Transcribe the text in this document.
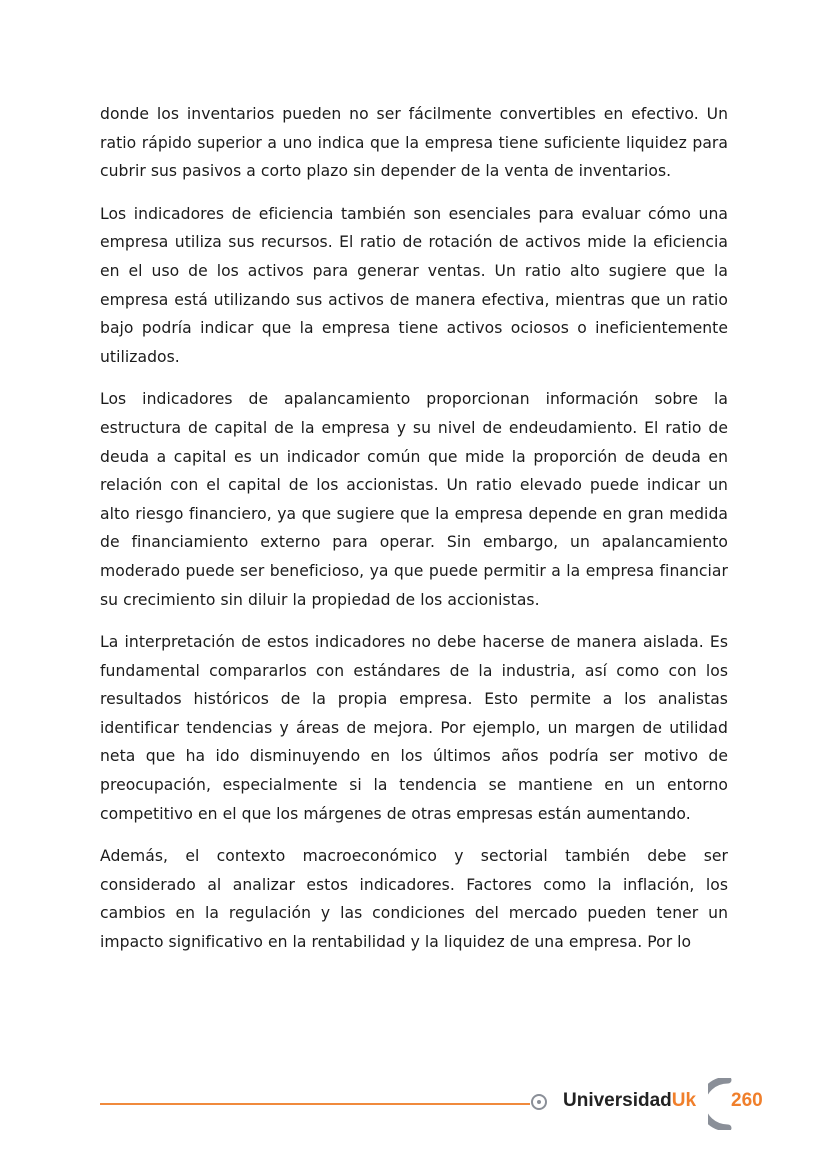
donde los inventarios pueden no ser fácilmente convertibles en efectivo. Un ratio rápido superior a uno indica que la empresa tiene suficiente liquidez para cubrir sus pasivos a corto plazo sin depender de la venta de inventarios.

Los indicadores de eficiencia también son esenciales para evaluar cómo una empresa utiliza sus recursos. El ratio de rotación de activos mide la eficiencia en el uso de los activos para generar ventas. Un ratio alto sugiere que la empresa está utilizando sus activos de manera efectiva, mientras que un ratio bajo podría indicar que la empresa tiene activos ociosos o ineficientemente utilizados.

Los indicadores de apalancamiento proporcionan información sobre la estructura de capital de la empresa y su nivel de endeudamiento. El ratio de deuda a capital es un indicador común que mide la proporción de deuda en relación con el capital de los accionistas. Un ratio elevado puede indicar un alto riesgo financiero, ya que sugiere que la empresa depende en gran medida de financiamiento externo para operar. Sin embargo, un apalancamiento moderado puede ser beneficioso, ya que puede permitir a la empresa financiar su crecimiento sin diluir la propiedad de los accionistas.

La interpretación de estos indicadores no debe hacerse de manera aislada. Es fundamental compararlos con estándares de la industria, así como con los resultados históricos de la propia empresa. Esto permite a los analistas identificar tendencias y áreas de mejora. Por ejemplo, un margen de utilidad neta que ha ido disminuyendo en los últimos años podría ser motivo de preocupación, especialmente si la tendencia se mantiene en un entorno competitivo en el que los márgenes de otras empresas están aumentando.

Además, el contexto macroeconómico y sectorial también debe ser considerado al analizar estos indicadores. Factores como la inflación, los cambios en la regulación y las condiciones del mercado pueden tener un impacto significativo en la rentabilidad y la liquidez de una empresa. Por lo

UniversidadUk 260
